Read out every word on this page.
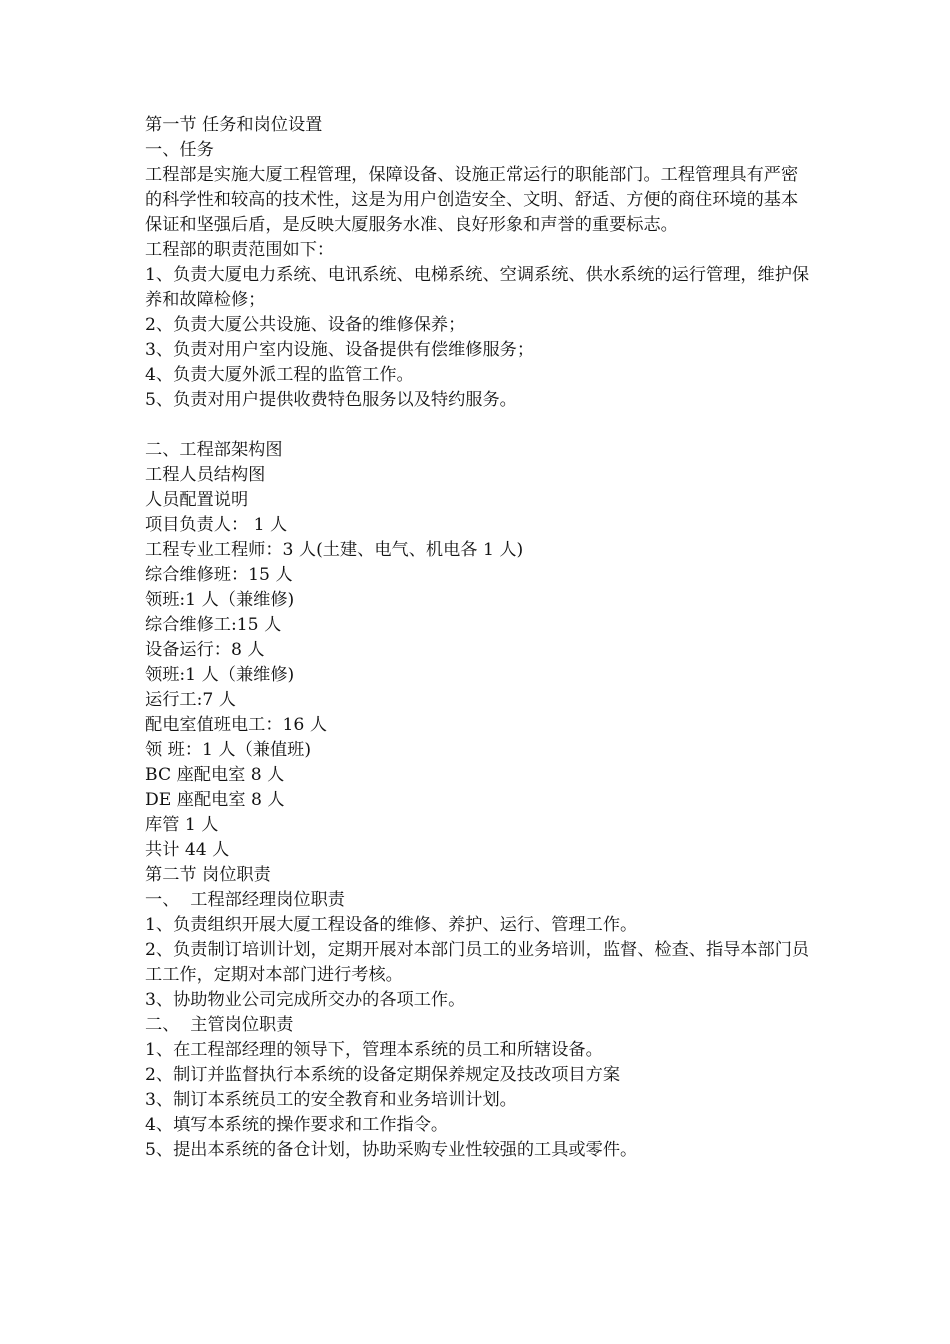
第一节 任务和岗位设置
一、任务
工程部是实施大厦工程管理，保障设备、设施正常运行的职能部门。工程管理具有严密的科学性和较高的技术性，这是为用户创造安全、文明、舒适、方便的商住环境的基本保证和坚强后盾，是反映大厦服务水准、良好形象和声誉的重要标志。
工程部的职责范围如下：
1、负责大厦电力系统、电讯系统、电梯系统、空调系统、供水系统的运行管理，维护保养和故障检修；
2、负责大厦公共设施、设备的维修保养；
3、负责对用户室内设施、设备提供有偿维修服务；
4、负责大厦外派工程的监管工作。
5、负责对用户提供收费特色服务以及特约服务。
二、工程部架构图
工程人员结构图
人员配置说明
项目负责人： 1 人
工程专业工程师：3 人(土建、电气、机电各 1 人)
综合维修班：15 人
领班:1 人（兼维修)
综合维修工:15 人
设备运行：8 人
领班:1 人（兼维修)
运行工:7 人
配电室值班电工：16 人
领 班：1 人（兼值班)
BC 座配电室 8 人
DE 座配电室 8 人
库管 1 人
共计 44 人
第二节 岗位职责
一、  工程部经理岗位职责
1、负责组织开展大厦工程设备的维修、养护、运行、管理工作。
2、负责制订培训计划，定期开展对本部门员工的业务培训，监督、检查、指导本部门员工工作，定期对本部门进行考核。
3、协助物业公司完成所交办的各项工作。
二、  主管岗位职责
1、在工程部经理的领导下，管理本系统的员工和所辖设备。
2、制订并监督执行本系统的设备定期保养规定及技改项目方案
3、制订本系统员工的安全教育和业务培训计划。
4、填写本系统的操作要求和工作指令。
5、提出本系统的备仓计划，协助采购专业性较强的工具或零件。
